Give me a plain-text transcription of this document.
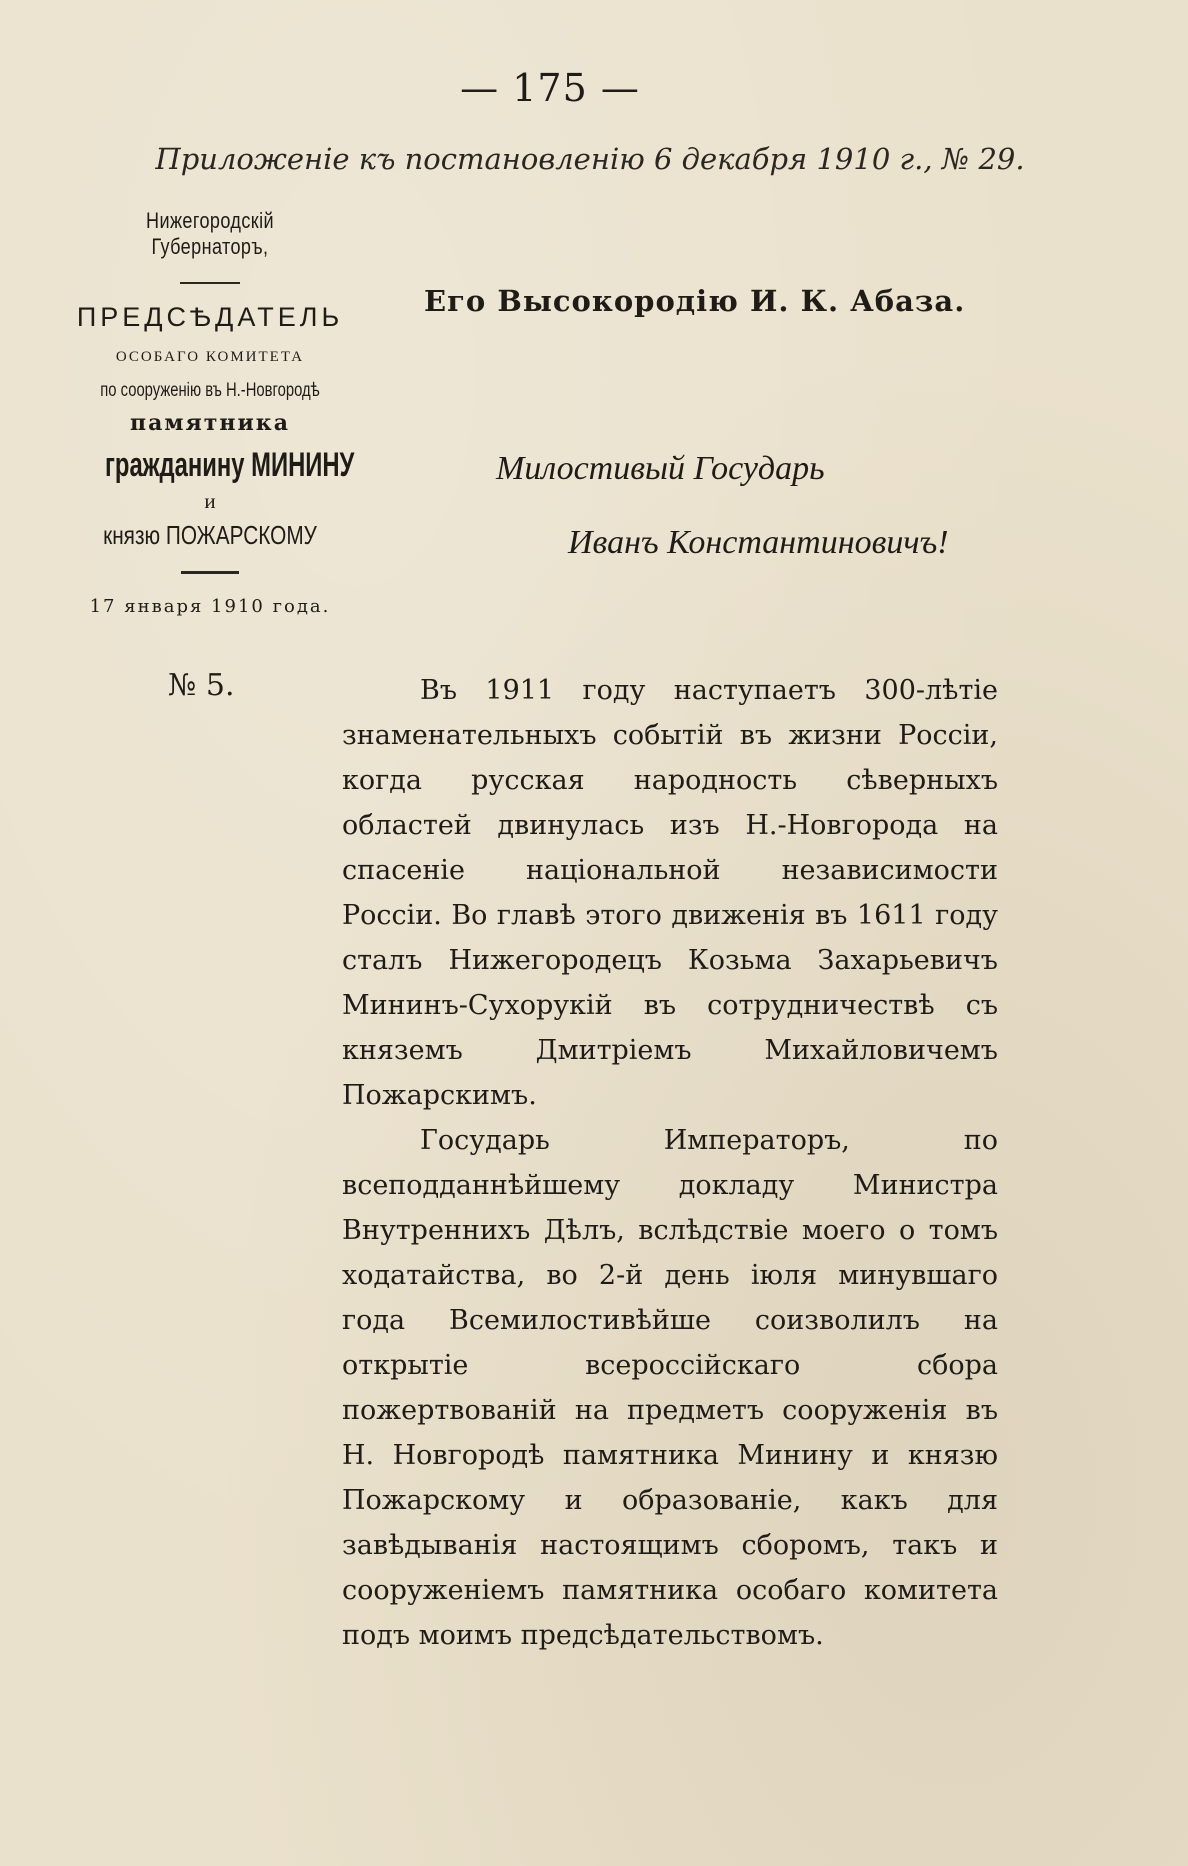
— 175 —
Приложеніе къ постановленію 6 декабря 1910 г., № 29.
Нижегородскій Губернаторъ,
ПРЕДСѢДАТЕЛЬ
ОСОБАГО КОМИТЕТА
по сооруженію въ Н.-Новгородѣ
памятника
гражданину МИНИНУ
и
князю ПОЖАРСКОМУ
17 января 1910 года.
№ 5.
Его Высокородію И. К. Абаза.
Милостивый Государь
Иванъ Константиновичъ!

Въ 1911 году наступаетъ 300-лѣтіе знаменательныхъ событій въ жизни Россіи, когда русская народность сѣверныхъ областей двинулась изъ Н.-Новгорода на спасеніе національной независимости Россіи. Во главѣ этого движенія въ 1611 году сталъ Нижегородецъ Козьма Захарьевичъ Мининъ-Сухорукій въ сотрудничествѣ съ княземъ Дмитріемъ Михайловичемъ Пожарскимъ.

Государь Императоръ, по всеподданнѣйшему докладу Министра Внутреннихъ Дѣлъ, вслѣдствіе моего о томъ ходатайства, во 2-й день іюля минувшаго года Всемилостивѣйше соизволилъ на открытіе всероссійскаго сбора пожертвованій на предметъ сооруженія въ Н. Новгородѣ памятника Минину и князю Пожарскому и образованіе, какъ для завѣдыванія настоящимъ сборомъ, такъ и сооруженіемъ памятника особаго комитета подъ моимъ предсѣдательствомъ.
